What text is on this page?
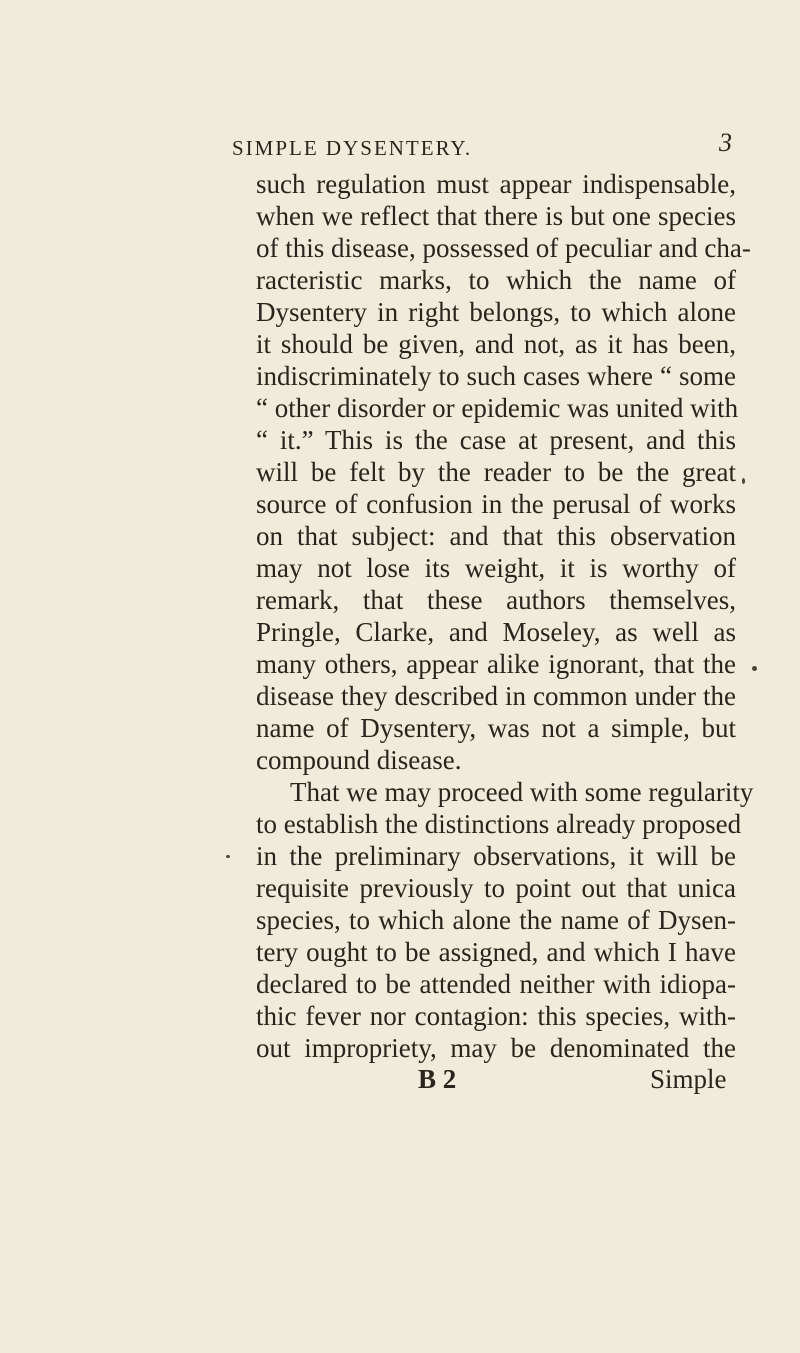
SIMPLE DYSENTERY.	3
such regulation must appear indispensable,
when we reflect that there is but one species
of this disease, possessed of peculiar and cha-
racteristic marks, to which the name of
Dysentery in right belongs, to which alone
it should be given, and not, as it has been,
indiscriminately to such cases where “ some
“ other disorder or epidemic was united with
“ it.” This is the case at present, and this
will be felt by the reader to be the great
source of confusion in the perusal of works
on that subject: and that this observation
may not lose its weight, it is worthy of
remark, that these authors themselves,
Pringle, Clarke, and Moseley, as well as
many others, appear alike ignorant, that the
disease they described in common under the
name of Dysentery, was not a simple, but
compound disease.
That we may proceed with some regularity
to establish the distinctions already proposed
in the preliminary observations, it will be
requisite previously to point out that unica
species, to which alone the name of Dysen-
tery ought to be assigned, and which I have
declared to be attended neither with idiopa-
thic fever nor contagion: this species, with-
out impropriety, may be denominated the
B 2	Simple
